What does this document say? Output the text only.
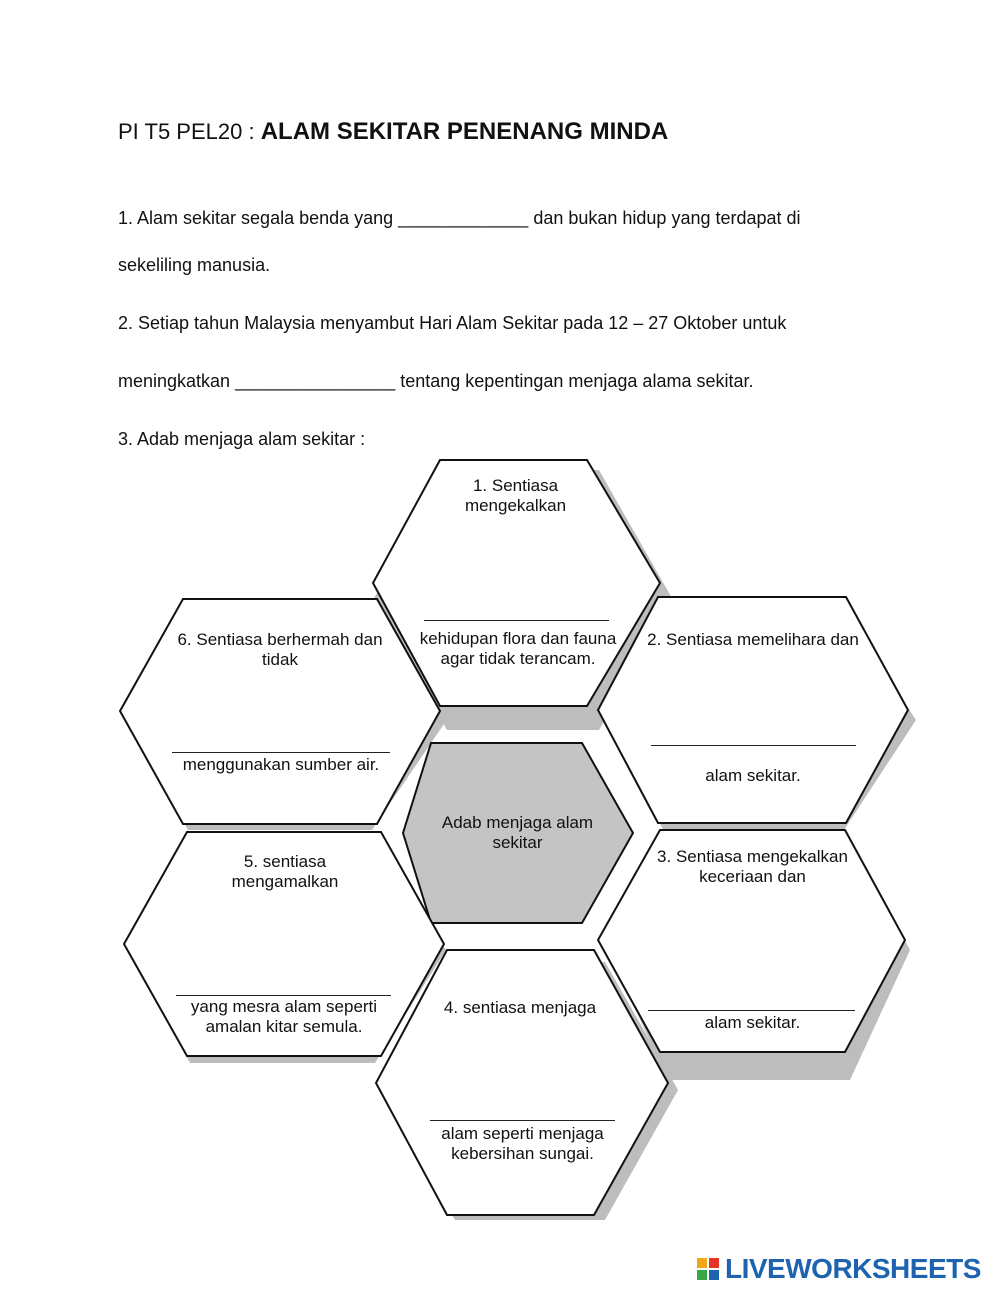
PI T5 PEL20 : ALAM SEKITAR PENENANG MINDA
1. Alam sekitar segala benda yang _____________ dan bukan hidup yang terdapat di
sekeliling manusia.
2. Setiap tahun Malaysia menyambut Hari Alam Sekitar pada 12 – 27 Oktober untuk
meningkatkan ________________ tentang kepentingan menjaga alama sekitar.
3. Adab menjaga alam sekitar :
Adab menjaga alam sekitar
1. Sentiasa mengekalkan
kehidupan flora dan fauna agar tidak terancam.
2. Sentiasa memelihara dan
alam sekitar.
3. Sentiasa mengekalkan keceriaan dan
alam sekitar.
4. sentiasa menjaga
alam seperti menjaga kebersihan sungai.
5. sentiasa mengamalkan
yang mesra alam seperti amalan kitar semula.
6. Sentiasa berhermah dan tidak
menggunakan sumber air.
LIVEWORKSHEETS
